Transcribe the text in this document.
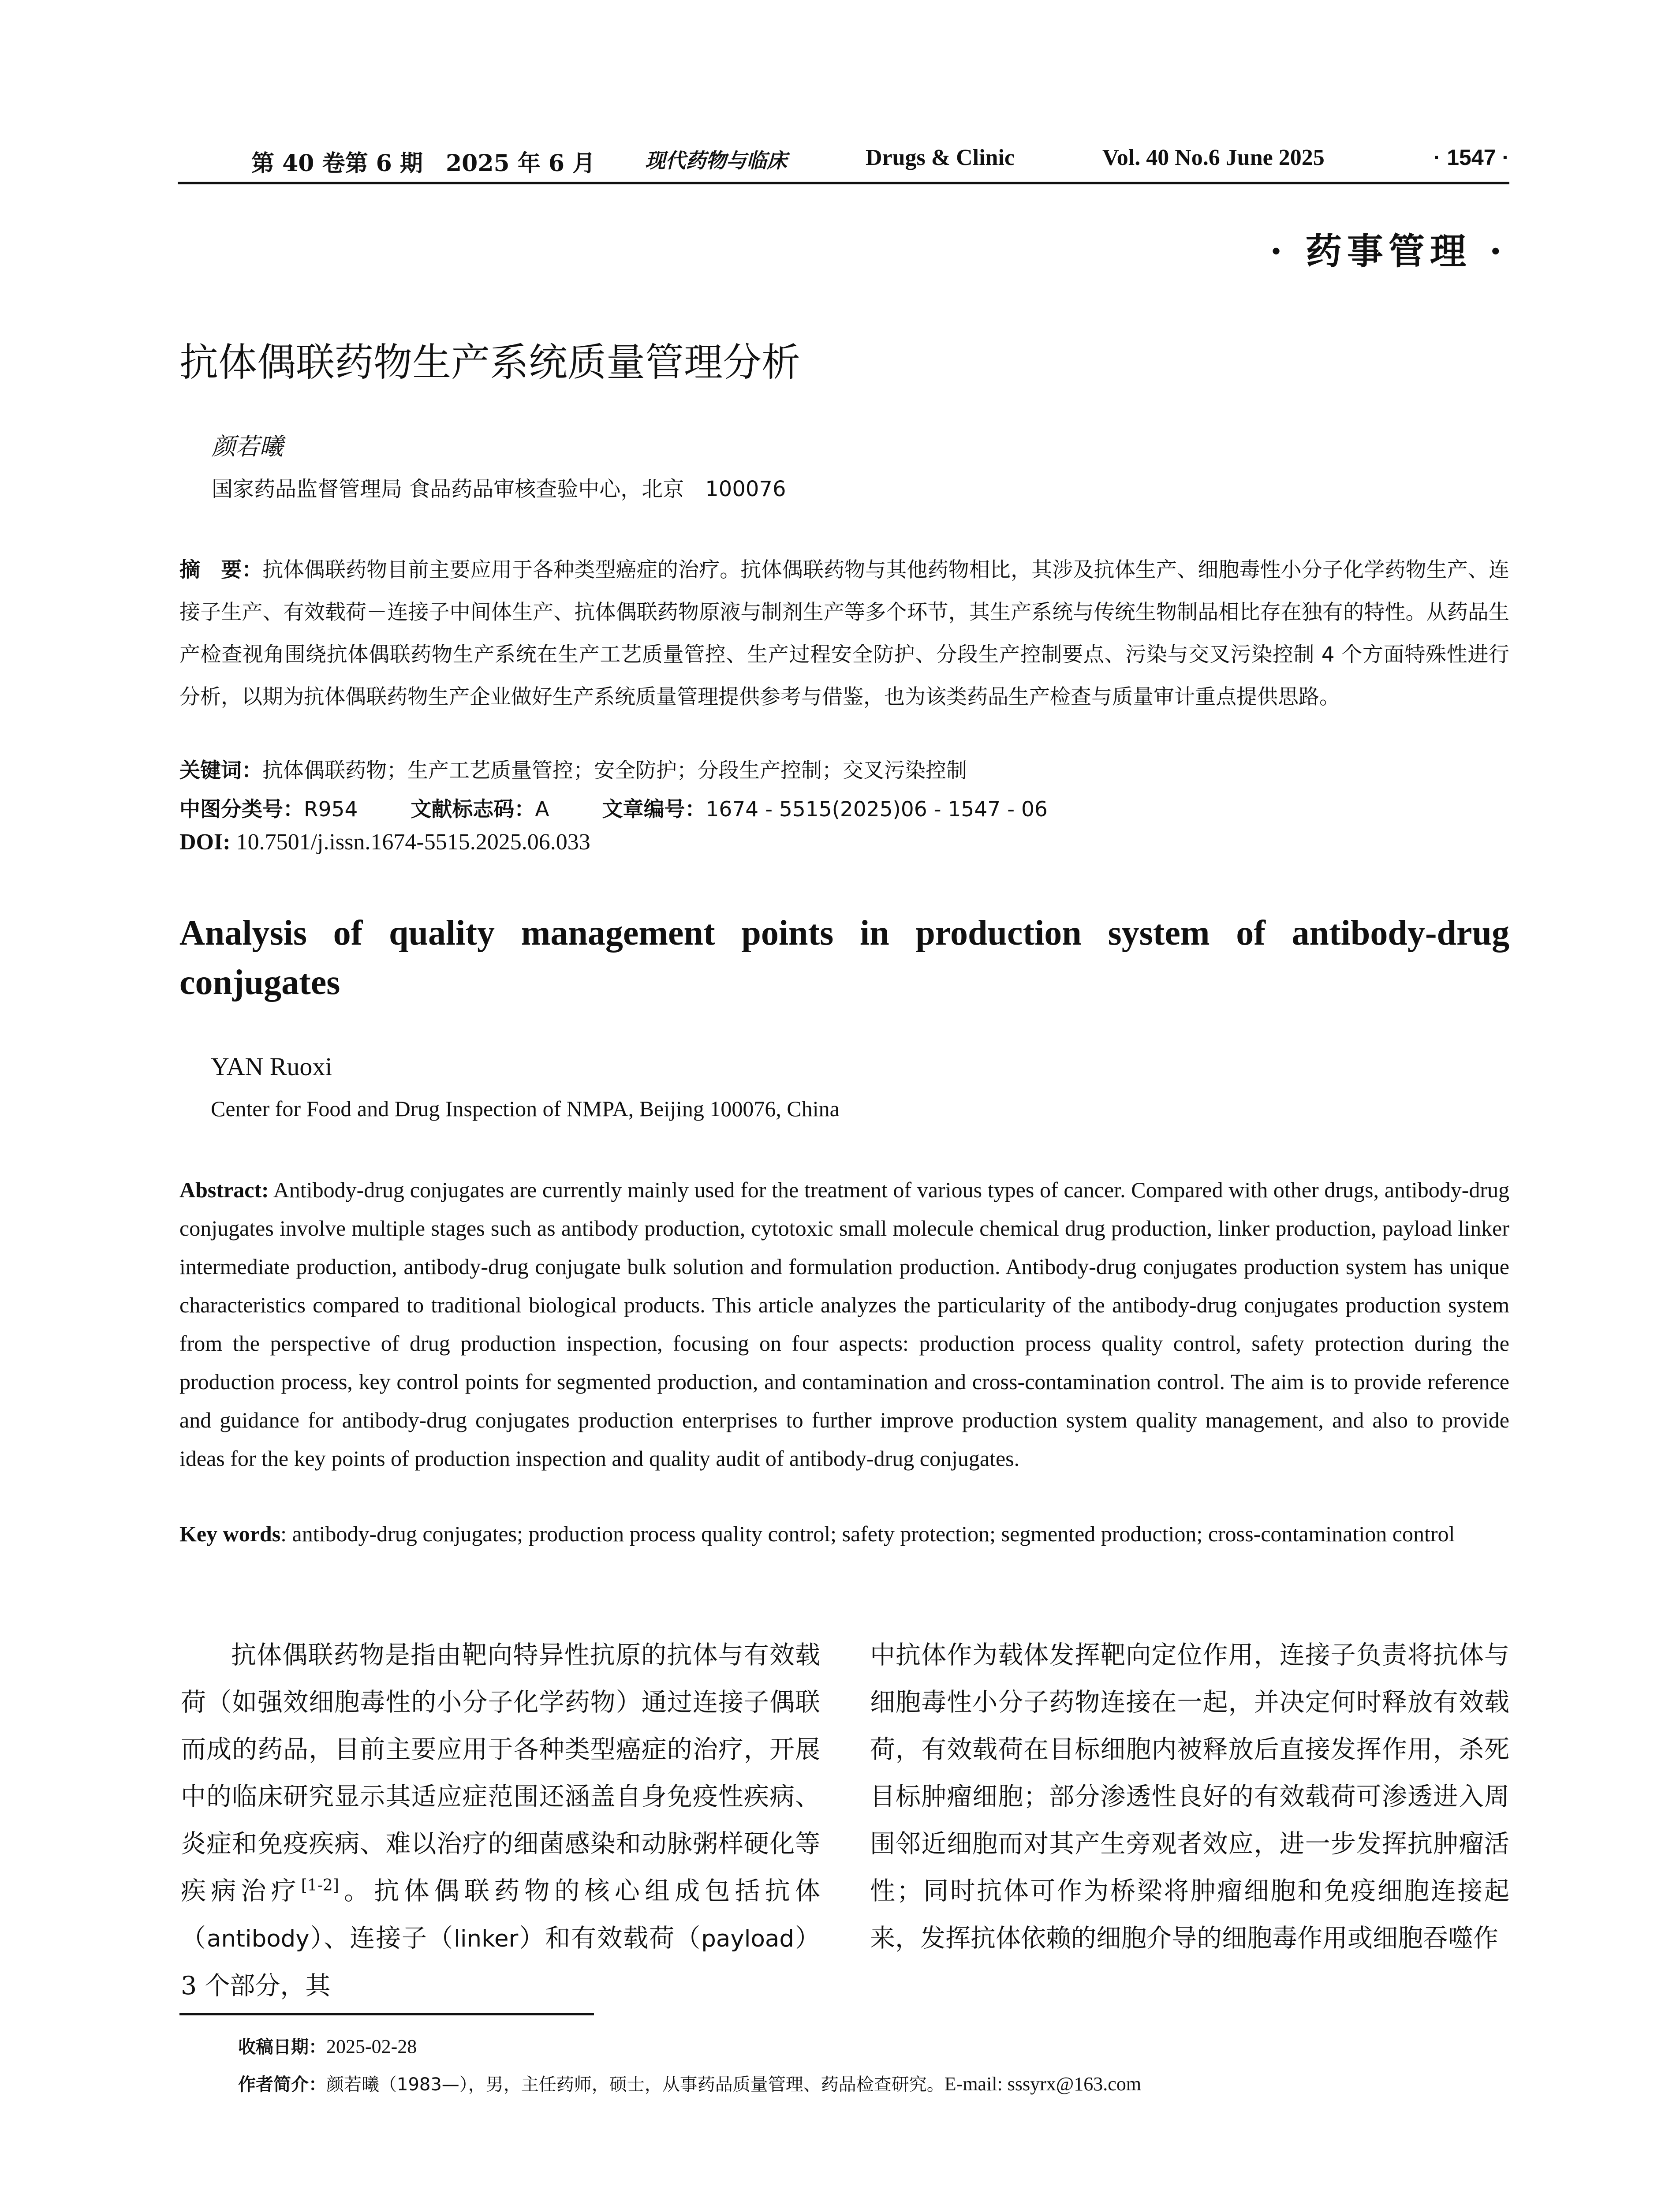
第 40 卷第 6 期　2025 年 6 月 现代药物与临床	Drugs & Clinic	Vol. 40 No.6 June 2025	· 1547 ·
· 药事管理 ·
抗体偶联药物生产系统质量管理分析
颜若曦
国家药品监督管理局 食品药品审核查验中心，北京　100076
摘　要：抗体偶联药物目前主要应用于各种类型癌症的治疗。抗体偶联药物与其他药物相比，其涉及抗体生产、细胞毒性小分子化学药物生产、连接子生产、有效载荷－连接子中间体生产、抗体偶联药物原液与制剂生产等多个环节，其生产系统与传统生物制品相比存在独有的特性。从药品生产检查视角围绕抗体偶联药物生产系统在生产工艺质量管控、生产过程安全防护、分段生产控制要点、污染与交叉污染控制 4 个方面特殊性进行分析，以期为抗体偶联药物生产企业做好生产系统质量管理提供参考与借鉴，也为该类药品生产检查与质量审计重点提供思路。
关键词：抗体偶联药物；生产工艺质量管控；安全防护；分段生产控制；交叉污染控制
中图分类号：R954	文献标志码：A	文章编号：1674 - 5515(2025)06 - 1547 - 06
DOI: 10.7501/j.issn.1674-5515.2025.06.033
Analysis of quality management points in production system of antibody-drug conjugates
YAN Ruoxi
Center for Food and Drug Inspection of NMPA, Beijing 100076, China
Abstract: Antibody-drug conjugates are currently mainly used for the treatment of various types of cancer. Compared with other drugs, antibody-drug conjugates involve multiple stages such as antibody production, cytotoxic small molecule chemical drug production, linker production, payload linker intermediate production, antibody-drug conjugate bulk solution and formulation production. Antibody-drug conjugates production system has unique characteristics compared to traditional biological products. This article analyzes the particularity of the antibody-drug conjugates production system from the perspective of drug production inspection, focusing on four aspects: production process quality control, safety protection during the production process, key control points for segmented production, and contamination and cross-contamination control. The aim is to provide reference and guidance for antibody-drug conjugates production enterprises to further improve production system quality management, and also to provide ideas for the key points of production inspection and quality audit of antibody-drug conjugates.
Key words: antibody-drug conjugates; production process quality control; safety protection; segmented production; cross-contamination control
抗体偶联药物是指由靶向特异性抗原的抗体与有效载荷（如强效细胞毒性的小分子化学药物）通过连接子偶联而成的药品，目前主要应用于各种类型癌症的治疗，开展中的临床研究显示其适应症范围还涵盖自身免疫性疾病、炎症和免疫疾病、难以治疗的细菌感染和动脉粥样硬化等疾病治疗[1-2]。抗体偶联药物的核心组成包括抗体（antibody）、连接子（linker）和有效载荷（payload）3 个部分，其
中抗体作为载体发挥靶向定位作用，连接子负责将抗体与细胞毒性小分子药物连接在一起，并决定何时释放有效载荷，有效载荷在目标细胞内被释放后直接发挥作用，杀死目标肿瘤细胞；部分渗透性良好的有效载荷可渗透进入周围邻近细胞而对其产生旁观者效应，进一步发挥抗肿瘤活性；同时抗体可作为桥梁将肿瘤细胞和免疫细胞连接起来，发挥抗体依赖的细胞介导的细胞毒作用或细胞吞噬作
收稿日期：2025-02-28
作者简介：颜若曦（1983—），男，主任药师，硕士，从事药品质量管理、药品检查研究。E-mail: sssyrx@163.com
